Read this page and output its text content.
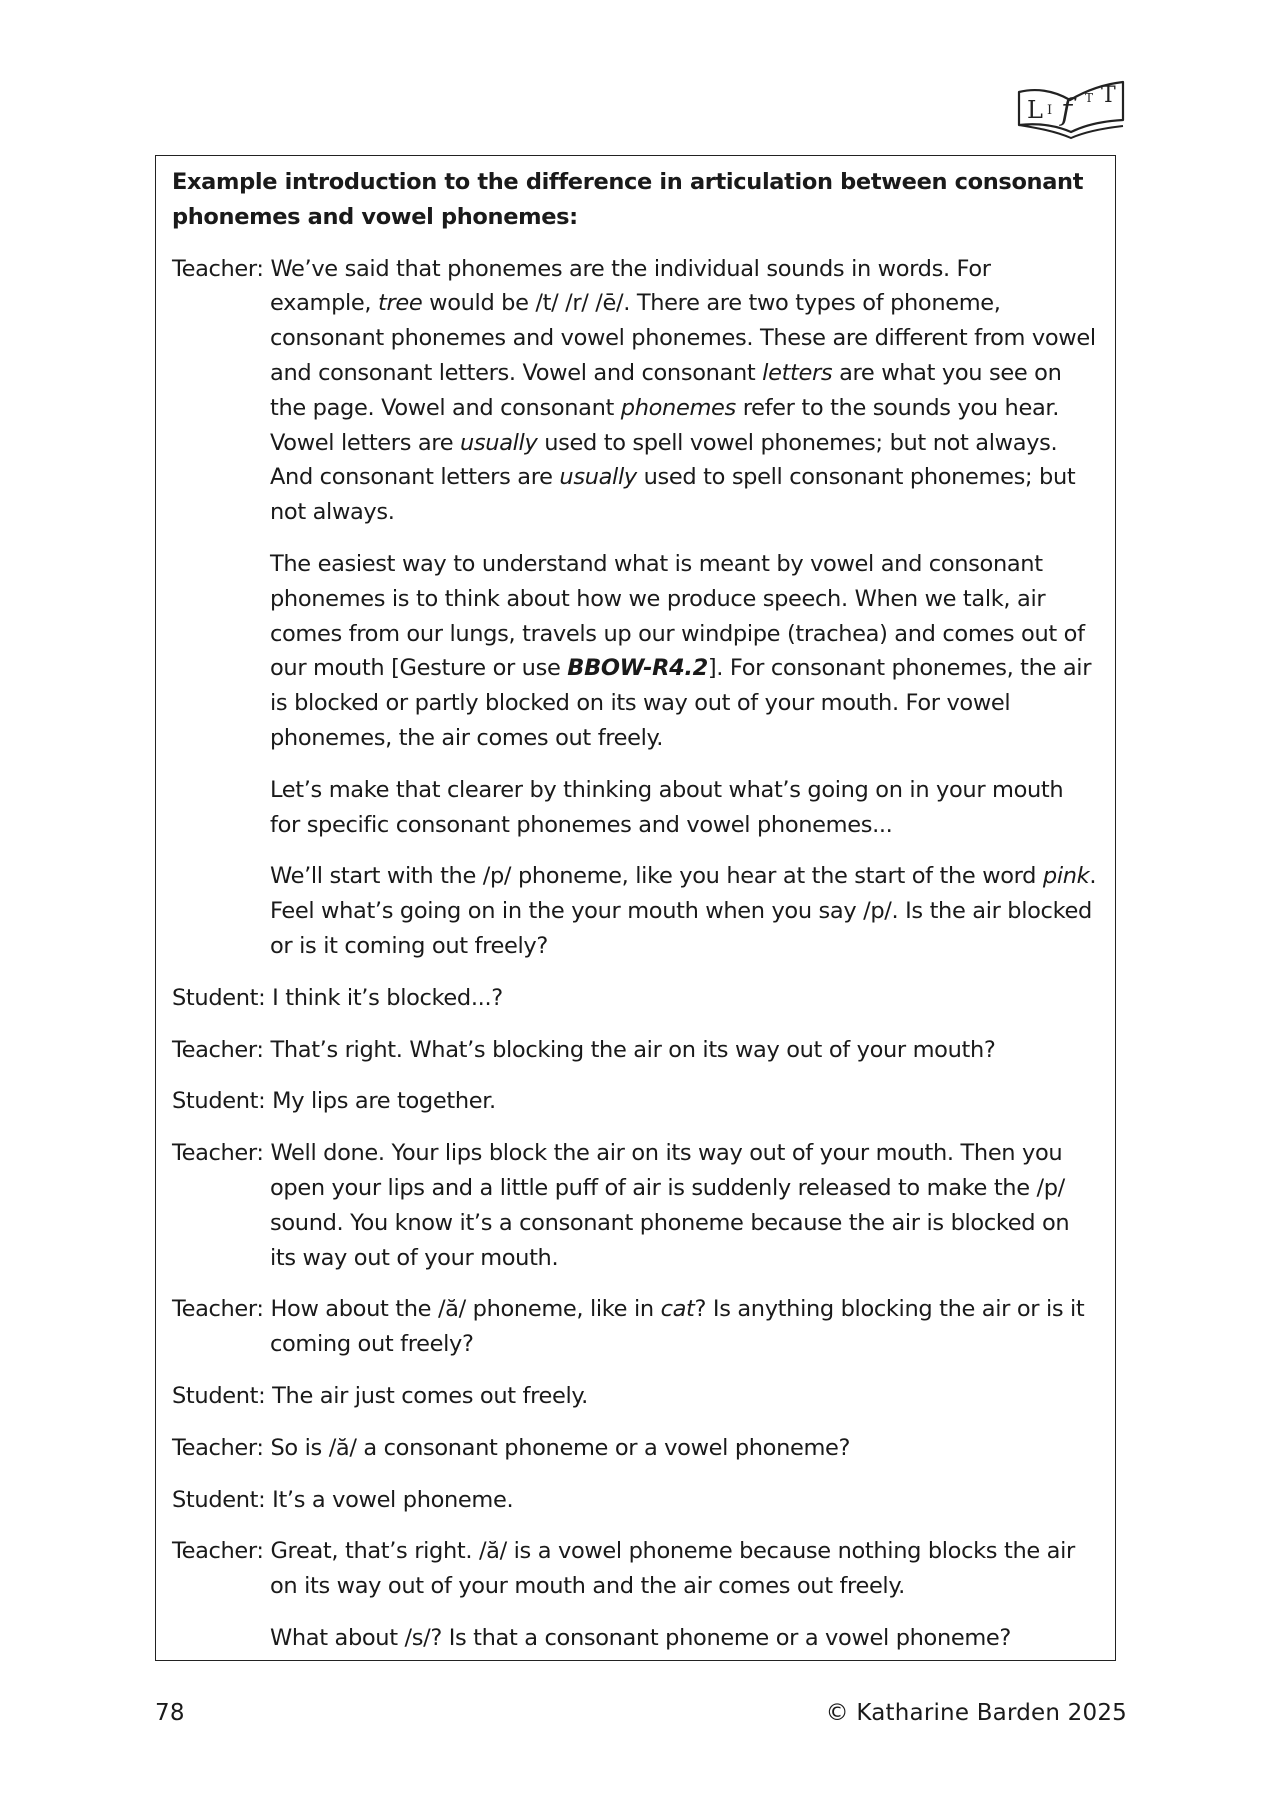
L I f	T T

Example introduction to the difference in articulation between consonant phonemes and vowel phonemes:

Teacher: We’ve said that phonemes are the individual sounds in words. For example, tree would be /t/ /r/ /ē/. There are two types of phoneme, consonant phonemes and vowel phonemes. These are different from vowel and consonant letters. Vowel and consonant letters are what you see on the page. Vowel and consonant phonemes refer to the sounds you hear. Vowel letters are usually used to spell vowel phonemes; but not always. And consonant letters are usually used to spell consonant phonemes; but not always.

The easiest way to understand what is meant by vowel and consonant phonemes is to think about how we produce speech. When we talk, air comes from our lungs, travels up our windpipe (trachea) and comes out of our mouth [Gesture or use BBOW-R4.2]. For consonant phonemes, the air is blocked or partly blocked on its way out of your mouth. For vowel phonemes, the air comes out freely.

Let’s make that clearer by thinking about what’s going on in your mouth for specific consonant phonemes and vowel phonemes...

We’ll start with the /p/ phoneme, like you hear at the start of the word pink. Feel what’s going on in the your mouth when you say /p/. Is the air blocked or is it coming out freely?

Student: I think it’s blocked...?

Teacher: That’s right. What’s blocking the air on its way out of your mouth?

Student: My lips are together.

Teacher: Well done. Your lips block the air on its way out of your mouth. Then you open your lips and a little puff of air is suddenly released to make the /p/ sound. You know it’s a consonant phoneme because the air is blocked on its way out of your mouth.

Teacher: How about the /ă/ phoneme, like in cat? Is anything blocking the air or is it coming out freely?

Student: The air just comes out freely.

Teacher: So is /ă/ a consonant phoneme or a vowel phoneme?

Student: It’s a vowel phoneme.

Teacher: Great, that’s right. /ă/ is a vowel phoneme because nothing blocks the air on its way out of your mouth and the air comes out freely.

What about /s/? Is that a consonant phoneme or a vowel phoneme?

78	© Katharine Barden 2025
